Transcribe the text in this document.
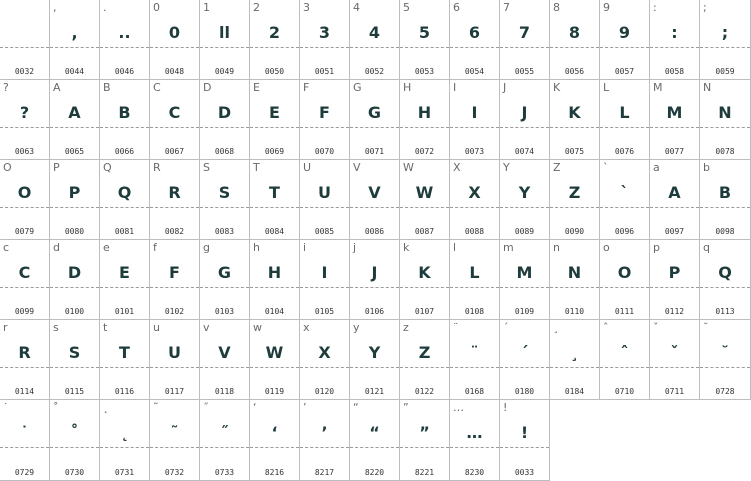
0032
,
,
0044
.
..
0046
0
0
0048
1
ll
0049
2
2
0050
3
3
0051
4
4
0052
5
5
0053
6
6
0054
7
7
0055
8
8
0056
9
9
0057
:
:
0058
;
;
0059
?
?
0063
A
A
0065
B
B
0066
C
C
0067
D
D
0068
E
E
0069
F
F
0070
G
G
0071
H
H
0072
I
I
0073
J
J
0074
K
K
0075
L
L
0076
M
M
0077
N
N
0078
O
O
0079
P
P
0080
Q
Q
0081
R
R
0082
S
S
0083
T
T
0084
U
U
0085
V
V
0086
W
W
0087
X
X
0088
Y
Y
0089
Z
Z
0090
`
`
0096
a
A
0097
b
B
0098
c
C
0099
d
D
0100
e
E
0101
f
F
0102
g
G
0103
h
H
0104
i
I
0105
j
J
0106
k
K
0107
l
L
0108
m
M
0109
n
N
0110
o
O
0111
p
P
0112
q
Q
0113
r
R
0114
s
S
0115
t
T
0116
u
U
0117
v
V
0118
w
W
0119
x
X
0120
y
Y
0121
z
Z
0122
¨
¨
0168
´
´
0180
¸
¸
0184
ˆ
ˆ
0710
ˇ
ˇ
0711
˘
˘
0728
˙
˙
0729
˚
˚
0730
˛
˛
0731
˜
˜
0732
˝
˝
0733
‘
‘
8216
’
’
8217
“
“
8220
”
”
8221
…
…
8230
!
!
0033
